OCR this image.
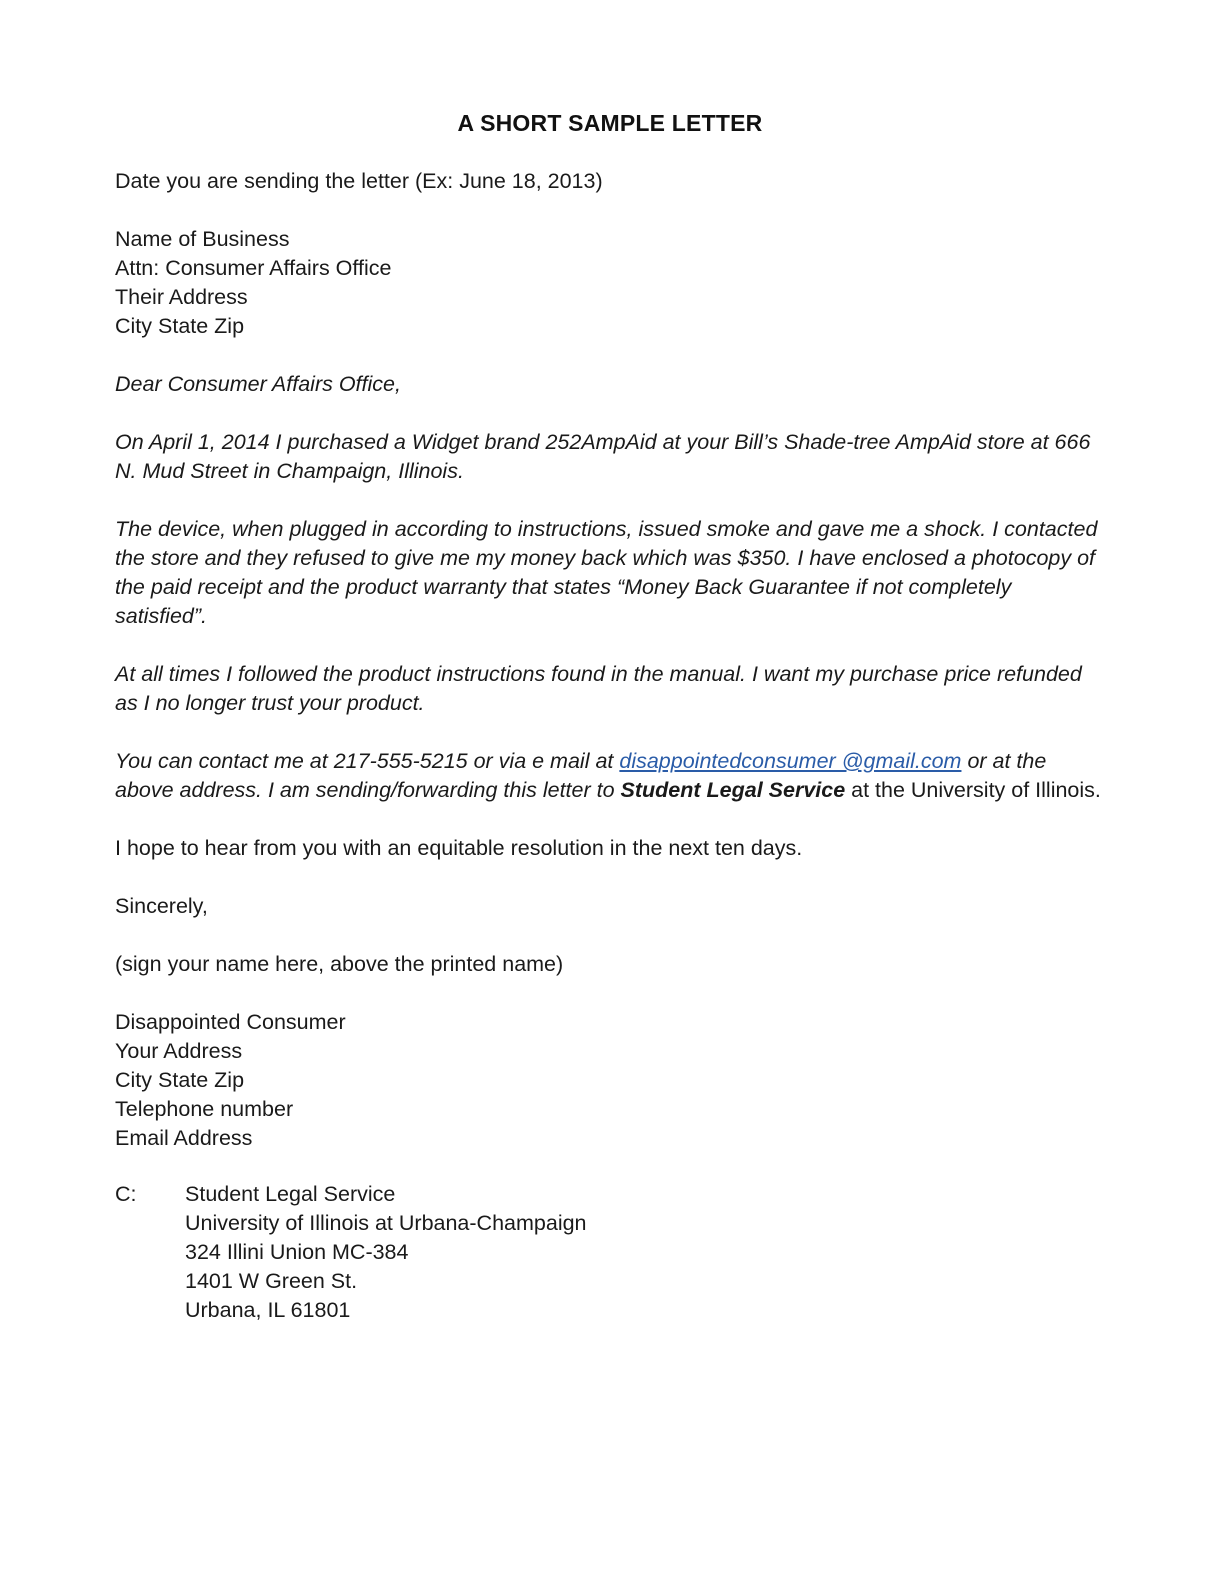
A SHORT SAMPLE LETTER

Date you are sending the letter (Ex: June 18, 2013)

Name of Business
Attn: Consumer Affairs Office
Their Address
City State Zip

Dear Consumer Affairs Office,

On April 1, 2014 I purchased a Widget brand 252AmpAid at your Bill’s Shade-tree AmpAid store at 666 N. Mud Street in Champaign, Illinois.

The device, when plugged in according to instructions, issued smoke and gave me a shock. I contacted the store and they refused to give me my money back which was $350. I have enclosed a photocopy of the paid receipt and the product warranty that states “Money Back Guarantee if not completely satisfied”.

At all times I followed the product instructions found in the manual. I want my purchase price refunded as I no longer trust your product.

You can contact me at 217-555-5215 or via e mail at disappointedconsumer @gmail.com or at the above address. I am sending/forwarding this letter to Student Legal Service at the University of Illinois.

I hope to hear from you with an equitable resolution in the next ten days.

Sincerely,

(sign your name here, above the printed name)

Disappointed Consumer
Your Address
City State Zip
Telephone number
Email Address
C:	Student Legal Service
University of Illinois at Urbana-Champaign
324 Illini Union MC-384
1401 W Green St.
Urbana, IL 61801
